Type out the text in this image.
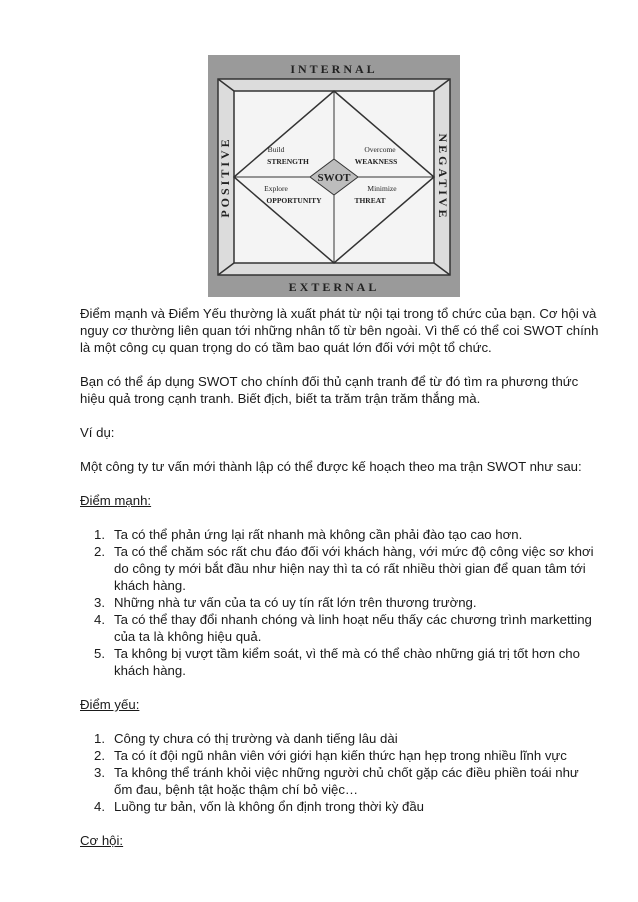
INTERNAL
EXTERNAL
POSITIVE	NEGATIVE
Build
STRENGTH
Overcome
WEAKNESS
Explore
OPPORTUNITY
Minimize
THREAT
SWOT

Điểm mạnh và Điểm Yếu thường là xuất phát từ nội tại trong tổ chức của bạn. Cơ hội và nguy cơ thường liên quan tới những nhân tố từ bên ngoài. Vì thế có thể coi SWOT chính là một công cụ quan trọng do có tầm bao quát lớn đối với một tổ chức.

Bạn có thể áp dụng SWOT cho chính đối thủ cạnh tranh để từ đó tìm ra phương thức hiệu quả trong cạnh tranh. Biết địch, biết ta trăm trận trăm thắng mà.

Ví dụ:

Một công ty tư vấn mới thành lập có thể được kế hoạch theo ma trận SWOT như sau:

Điểm mạnh:

1. Ta có thể phản ứng lại rất nhanh mà không cần phải đào tạo cao hơn.
2. Ta có thể chăm sóc rất chu đáo đối với khách hàng, với mức độ công việc sơ khơi do công ty mới bắt đầu như hiện nay thì ta có rất nhiều thời gian để quan tâm tới khách hàng.
3. Những nhà tư vấn của ta có uy tín rất lớn trên thương trường.
4. Ta có thể thay đổi nhanh chóng và linh hoạt nếu thấy các chương trình marketting của ta là không hiệu quả.
5. Ta không bị vượt tầm kiểm soát, vì thế mà có thể chào những giá trị tốt hơn cho khách hàng.

Điểm yếu:

1. Công ty chưa có thị trường và danh tiếng lâu dài
2. Ta có ít đội ngũ nhân viên với giới hạn kiến thức hạn hẹp trong nhiều lĩnh vực
3. Ta không thể tránh khỏi việc những người chủ chốt gặp các điều phiền toái như ốm đau, bệnh tật hoặc thậm chí bỏ việc…
4. Luồng tư bản, vốn là không ổn định trong thời kỳ đầu

Cơ hội:
